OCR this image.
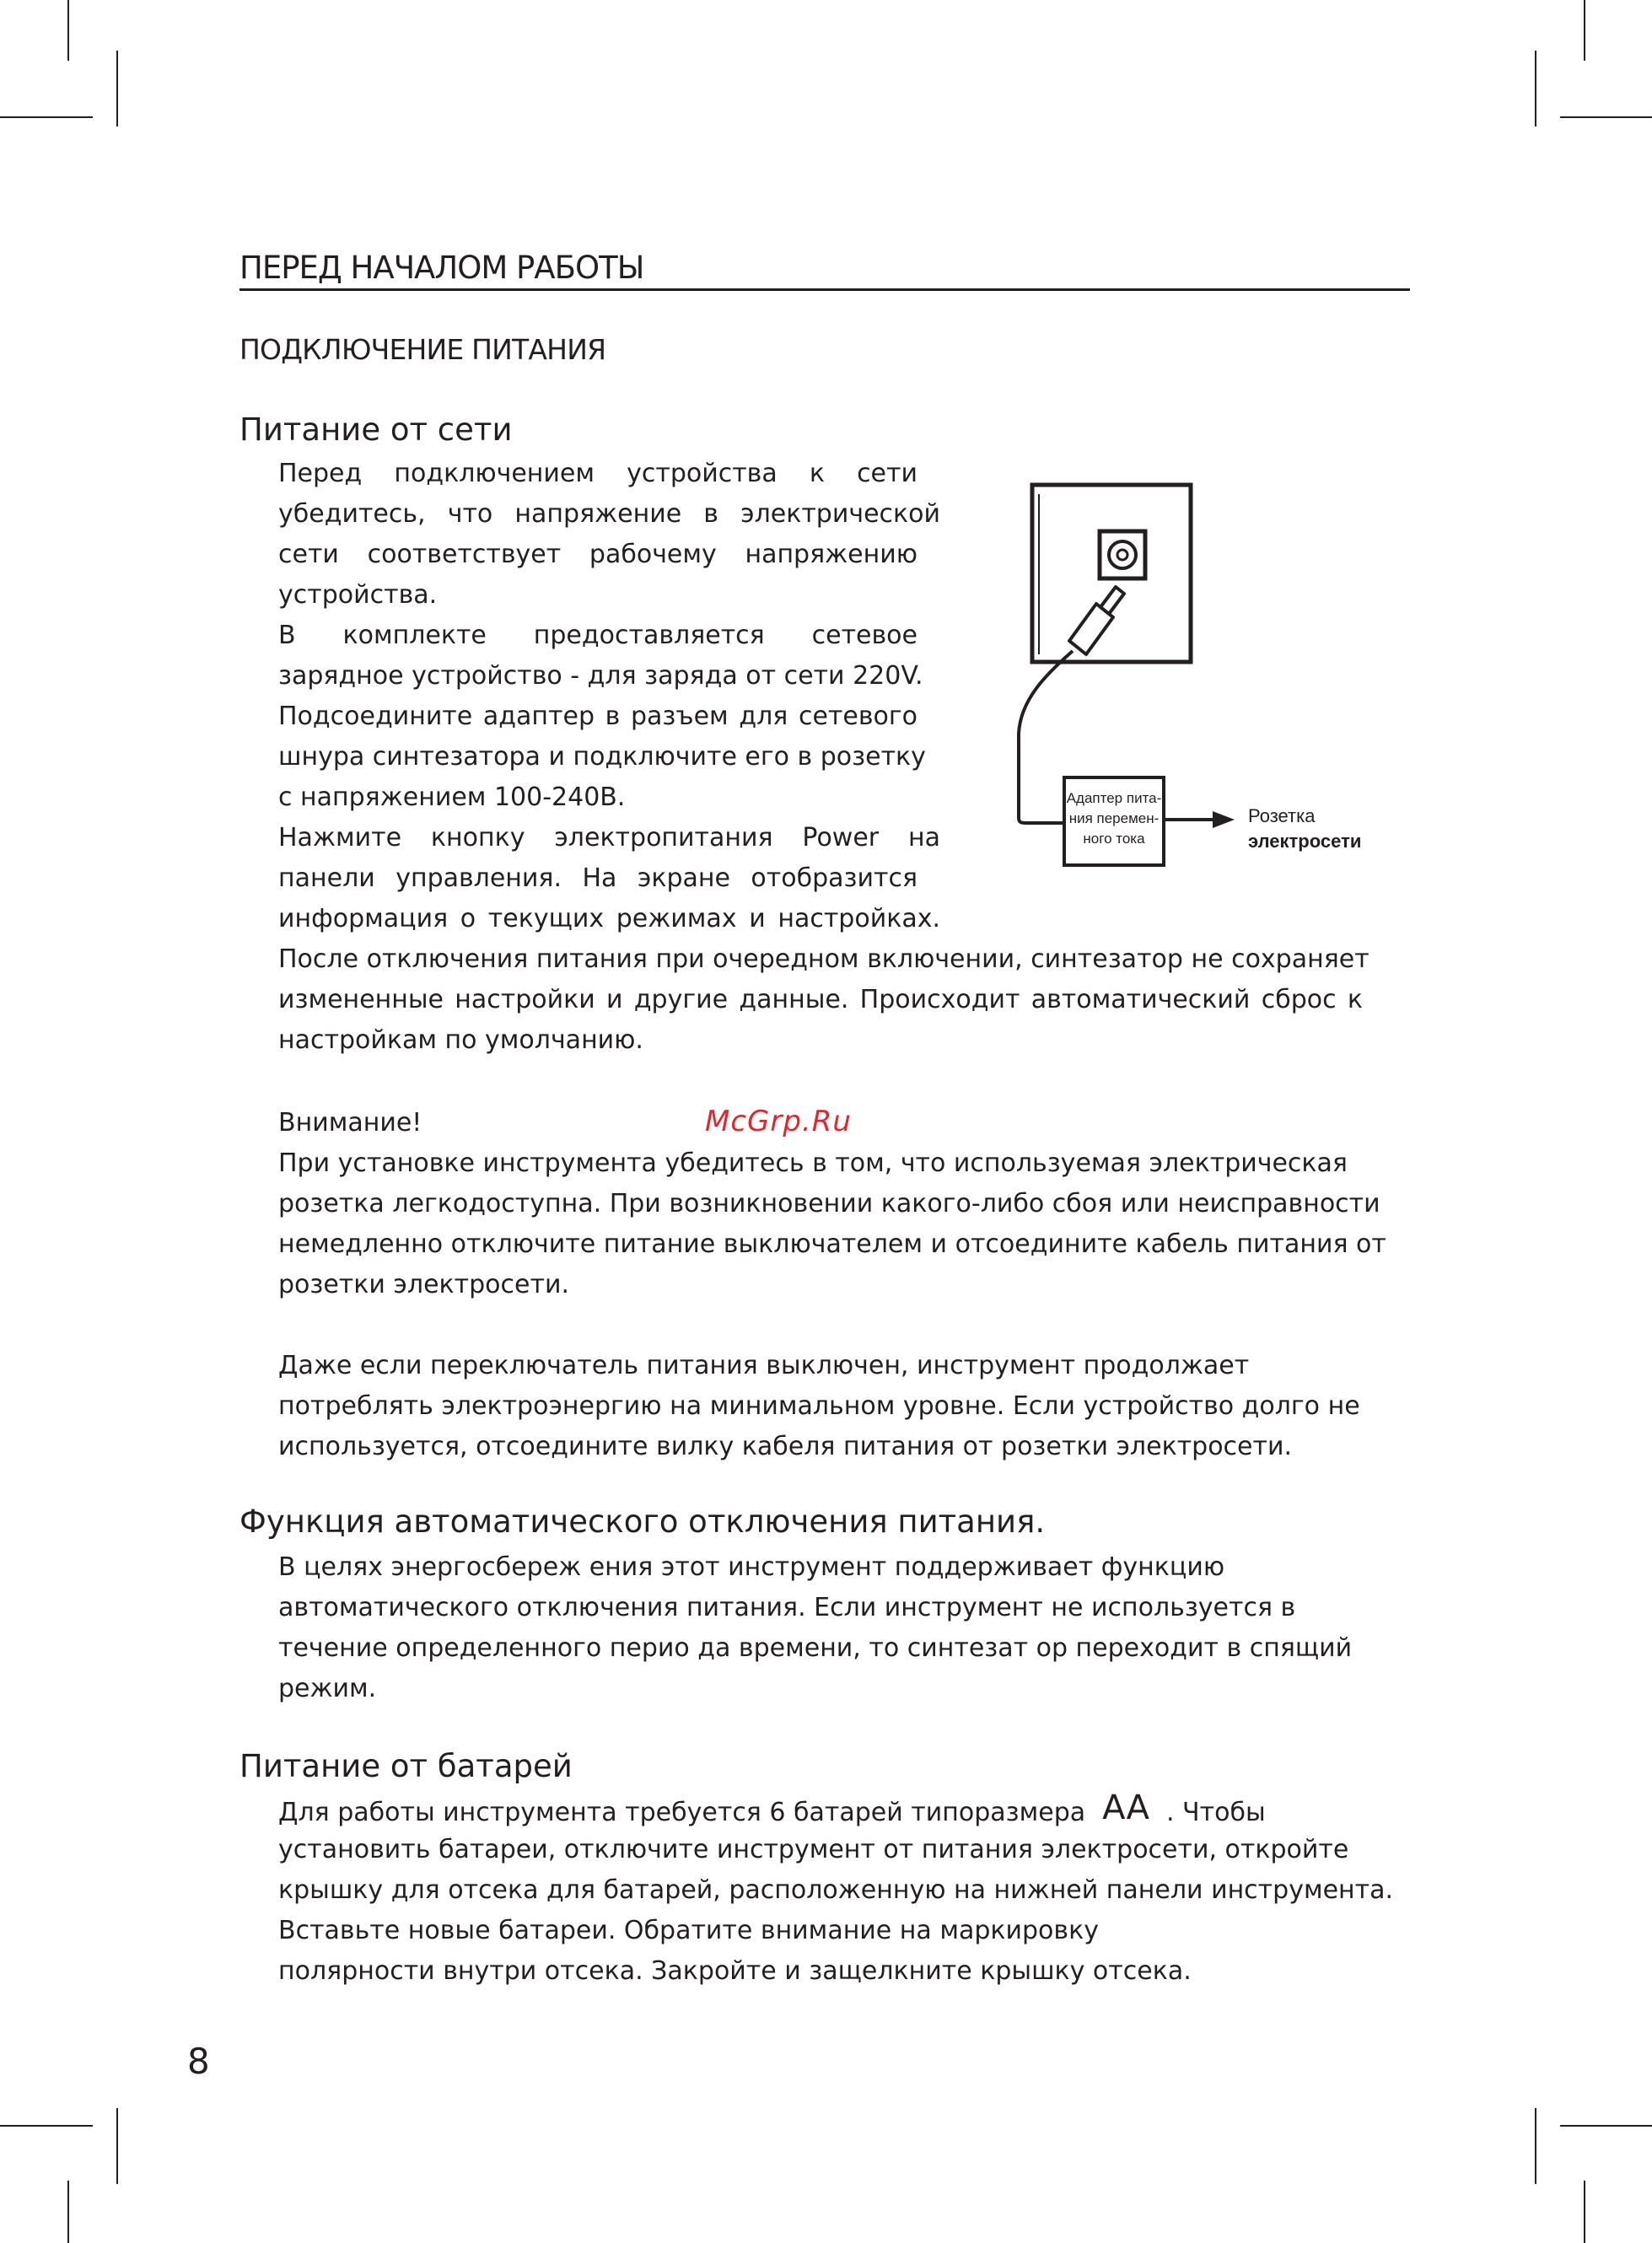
ПЕРЕД НАЧАЛОМ РАБОТЫ
ПОДКЛЮЧЕНИЕ ПИТАНИЯ
Питание от сети
Перед подключением устройства к сети
убедитесь, что напряжение в электрической
сети соответствует рабочему напряжению
устройства.
В комплекте предоставляется сетевое
зарядное устройство - для заряда от сети 220V.
Подсоедините адаптер в разъем для сетевого
шнура синтезатора и подключите его в розетку
с напряжением 100-240В.
Нажмите кнопку электропитания Power на
панели управления. На экране отобразится
информация о текущих режимах и настройках.
После отключения питания при очередном включении, синтезатор не сохраняет
измененные настройки и другие данные. Происходит автоматический сброс к
настройкам по умолчанию.
Адаптер пита-
ния перемен-
ного тока
Розетка
электросети
Внимание!	McGrp.Ru
При установке инструмента убедитесь в том, что используемая электрическая
розетка легкодоступна. При возникновении какого-либо сбоя или неисправности
немедленно отключите питание выключателем и отсоедините кабель питания от
розетки электросети.
Даже если переключатель питания выключен, инструмент продолжает
потреблять электроэнергию на минимальном уровне. Если устройство долго не
используется, отсоедините вилку кабеля питания от розетки электросети.
Функция автоматического отключения питания.
В целях энергосбереж ения этот инструмент поддерживает функцию
автоматического отключения питания. Если инструмент не используется в
течение определенного перио да времени, то синтезат ор переходит в спящий
режим.
Питание от батарей
Для работы инструмента требуется 6 батарей типоразмера AA . Чтобы
установить батареи, отключите инструмент от питания электросети, откройте
крышку для отсека для батарей, расположенную на нижней панели инструмента.
Вставьте новые батареи. Обратите внимание на маркировку
полярности внутри отсека. Закройте и защелкните крышку отсека.
8
